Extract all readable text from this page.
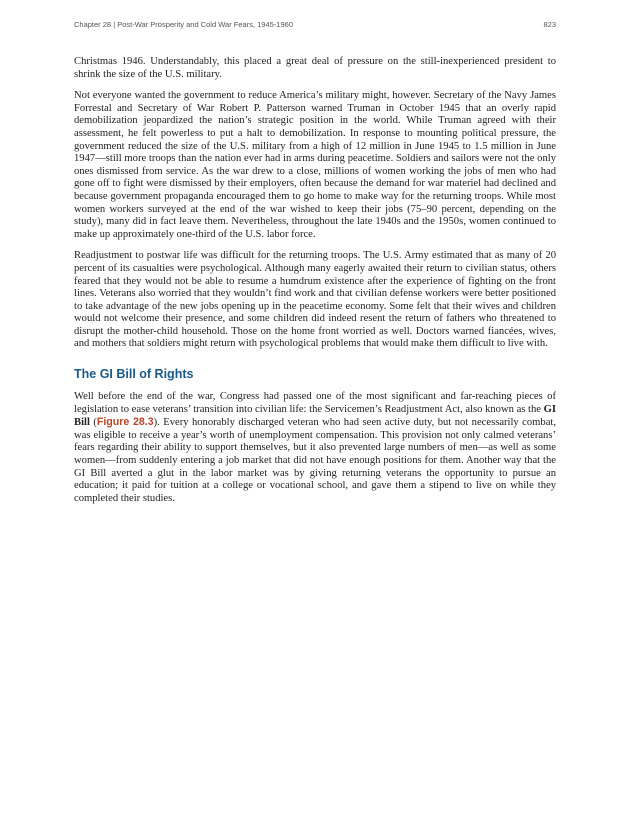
Chapter 28 | Post-War Prosperity and Cold War Fears, 1945-1960	823

Christmas 1946. Understandably, this placed a great deal of pressure on the still-inexperienced president to shrink the size of the U.S. military.

Not everyone wanted the government to reduce America’s military might, however. Secretary of the Navy James Forrestal and Secretary of War Robert P. Patterson warned Truman in October 1945 that an overly rapid demobilization jeopardized the nation’s strategic position in the world. While Truman agreed with their assessment, he felt powerless to put a halt to demobilization. In response to mounting political pressure, the government reduced the size of the U.S. military from a high of 12 million in June 1945 to 1.5 million in June 1947—still more troops than the nation ever had in arms during peacetime. Soldiers and sailors were not the only ones dismissed from service. As the war drew to a close, millions of women working the jobs of men who had gone off to fight were dismissed by their employers, often because the demand for war materiel had declined and because government propaganda encouraged them to go home to make way for the returning troops. While most women workers surveyed at the end of the war wished to keep their jobs (75–90 percent, depending on the study), many did in fact leave them. Nevertheless, throughout the late 1940s and the 1950s, women continued to make up approximately one-third of the U.S. labor force.

Readjustment to postwar life was difficult for the returning troops. The U.S. Army estimated that as many of 20 percent of its casualties were psychological. Although many eagerly awaited their return to civilian status, others feared that they would not be able to resume a humdrum existence after the experience of fighting on the front lines. Veterans also worried that they wouldn’t find work and that civilian defense workers were better positioned to take advantage of the new jobs opening up in the peacetime economy. Some felt that their wives and children would not welcome their presence, and some children did indeed resent the return of fathers who threatened to disrupt the mother-child household. Those on the home front worried as well. Doctors warned fiancées, wives, and mothers that soldiers might return with psychological problems that would make them difficult to live with.

The GI Bill of Rights

Well before the end of the war, Congress had passed one of the most significant and far-reaching pieces of legislation to ease veterans’ transition into civilian life: the Servicemen’s Readjustment Act, also known as the GI Bill (Figure 28.3). Every honorably discharged veteran who had seen active duty, but not necessarily combat, was eligible to receive a year’s worth of unemployment compensation. This provision not only calmed veterans’ fears regarding their ability to support themselves, but it also prevented large numbers of men—as well as some women—from suddenly entering a job market that did not have enough positions for them. Another way that the GI Bill averted a glut in the labor market was by giving returning veterans the opportunity to pursue an education; it paid for tuition at a college or vocational school, and gave them a stipend to live on while they completed their studies.
